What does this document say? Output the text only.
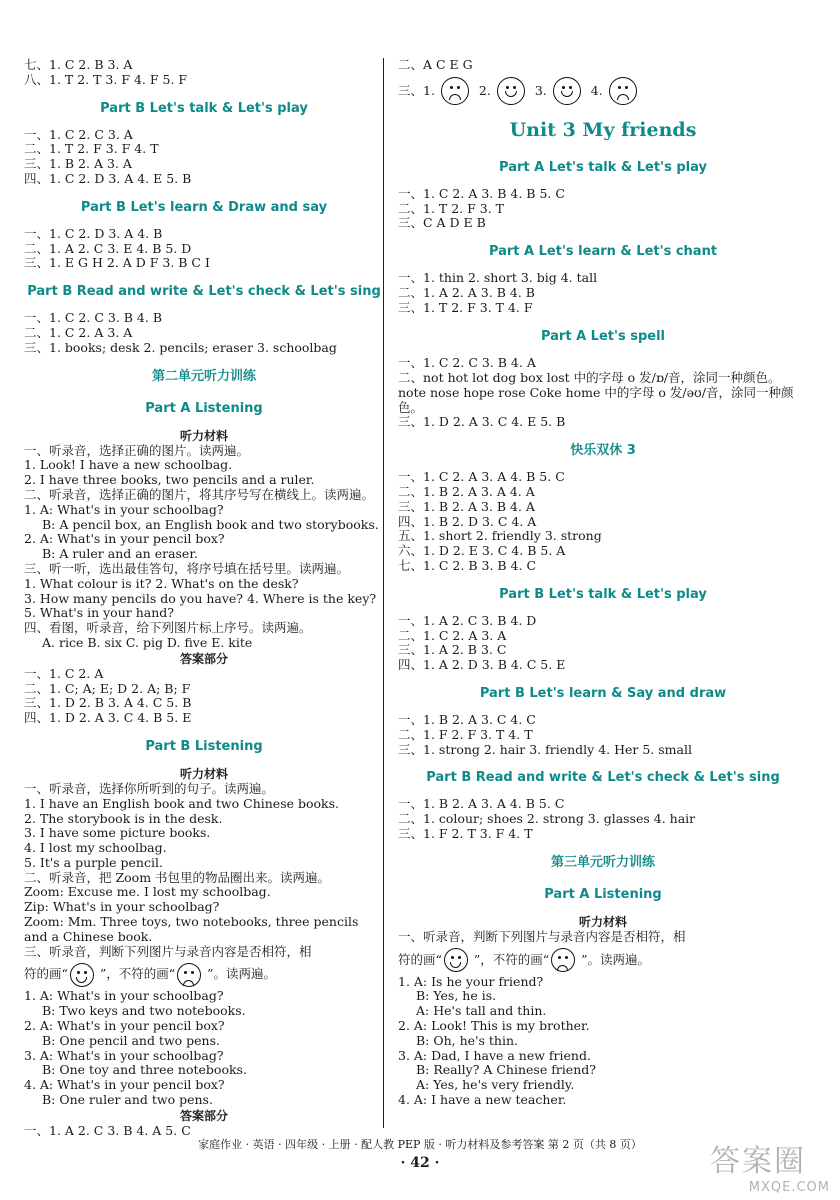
七、1. C 2. B 3. A
八、1. T 2. T 3. F 4. F 5. F
Part B Let's talk & Let's play
一、1. C 2. C 3. A
二、1. T 2. F 3. F 4. T
三、1. B 2. A 3. A
四、1. C 2. D 3. A 4. E 5. B
Part B Let's learn & Draw and say
一、1. C 2. D 3. A 4. B
二、1. A 2. C 3. E 4. B 5. D
三、1. E G H 2. A D F 3. B C I
Part B Read and write & Let's check & Let's sing
一、1. C 2. C 3. B 4. B
二、1. C 2. A 3. A
三、1. books; desk 2. pencils; eraser 3. schoolbag
第二单元听力训练
Part A Listening
听力材料
一、听录音，选择正确的图片。读两遍。
1. Look! I have a new schoolbag.
2. I have three books, two pencils and a ruler.
二、听录音，选择正确的图片，将其序号写在横线上。读两遍。
1. A: What's in your schoolbag?
B: A pencil box, an English book and two storybooks.
2. A: What's in your pencil box?
B: A ruler and an eraser.
三、听一听，选出最佳答句，将序号填在括号里。读两遍。
1. What colour is it? 2. What's on the desk?
3. How many pencils do you have? 4. Where is the key?
5. What's in your hand?
四、看图，听录音，给下列图片标上序号。读两遍。
A. rice B. six C. pig D. five E. kite
答案部分
一、1. C 2. A
二、1. C; A; E; D 2. A; B; F
三、1. D 2. B 3. A 4. C 5. B
四、1. D 2. A 3. C 4. B 5. E
Part B Listening
听力材料
一、听录音，选择你所听到的句子。读两遍。
1. I have an English book and two Chinese books.
2. The storybook is in the desk.
3. I have some picture books.
4. I lost my schoolbag.
5. It's a purple pencil.
二、听录音，把 Zoom 书包里的物品圈出来。读两遍。
Zoom: Excuse me. I lost my schoolbag.
Zip: What's in your schoolbag?
Zoom: Mm. Three toys, two notebooks, three pencils
and a Chinese book.
三、听录音，判断下列图片与录音内容是否相符，相
符的画“	”，不符的画“	”。读两遍。
1. A: What's in your schoolbag?
B: Two keys and two notebooks.
2. A: What's in your pencil box?
B: One pencil and two pens.
3. A: What's in your schoolbag?
B: One toy and three notebooks.
4. A: What's in your pencil box?
B: One ruler and two pens.
答案部分
一、1. A 2. C 3. B 4. A 5. C
二、A C E G
三、1.	2.	3.	4.
Unit 3 My friends
Part A Let's talk & Let's play
一、1. C 2. A 3. B 4. B 5. C
二、1. T 2. F 3. T
三、C A D E B
Part A Let's learn & Let's chant
一、1. thin 2. short 3. big 4. tall
二、1. A 2. A 3. B 4. B
三、1. T 2. F 3. T 4. F
Part A Let's spell
一、1. C 2. C 3. B 4. A
二、not hot lot dog box lost 中的字母 o 发/ɒ/音，涂同一种颜色。
note nose hope rose Coke home 中的字母 o 发/əʊ/音，涂同一种颜色。
三、1. D 2. A 3. C 4. E 5. B
快乐双休 3
一、1. C 2. A 3. A 4. B 5. C
二、1. B 2. A 3. A 4. A
三、1. B 2. A 3. B 4. A
四、1. B 2. D 3. C 4. A
五、1. short 2. friendly 3. strong
六、1. D 2. E 3. C 4. B 5. A
七、1. C 2. B 3. B 4. C
Part B Let's talk & Let's play
一、1. A 2. C 3. B 4. D
二、1. C 2. A 3. A
三、1. A 2. B 3. C
四、1. A 2. D 3. B 4. C 5. E
Part B Let's learn & Say and draw
一、1. B 2. A 3. C 4. C
二、1. F 2. F 3. T 4. T
三、1. strong 2. hair 3. friendly 4. Her 5. small
Part B Read and write & Let's check & Let's sing
一、1. B 2. A 3. A 4. B 5. C
二、1. colour; shoes 2. strong 3. glasses 4. hair
三、1. F 2. T 3. F 4. T
第三单元听力训练
Part A Listening
听力材料
一、听录音，判断下列图片与录音内容是否相符，相
符的画“	”，不符的画“	”。读两遍。
1. A: Is he your friend?
B: Yes, he is.
A: He's tall and thin.
2. A: Look! This is my brother.
B: Oh, he's thin.
3. A: Dad, I have a new friend.
B: Really? A Chinese friend?
A: Yes, he's very friendly.
4. A: I have a new teacher.
家庭作业 · 英语 · 四年级 · 上册 · 配人教 PEP 版 · 听力材料及参考答案 第 2 页（共 8 页）
· 42 ·	答案圈
MXQE.COM
